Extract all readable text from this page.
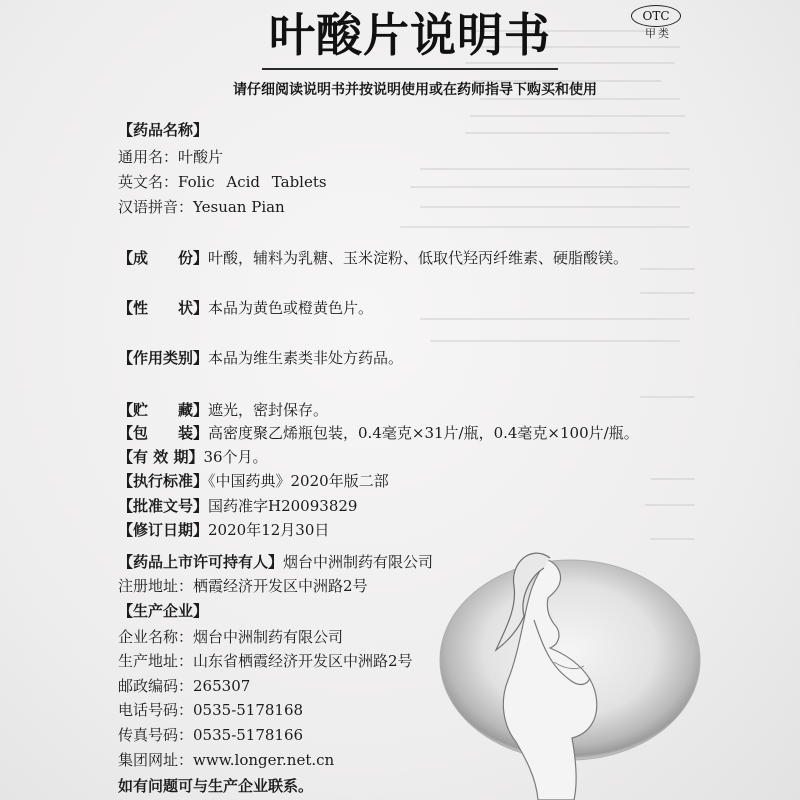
叶酸片说明书	OTC
甲类
请仔细阅读说明书并按说明使用或在药师指导下购买和使用
【药品名称】
通用名：叶酸片
英文名：Folic Acid Tablets
汉语拼音：Yesuan Pian
【成　　份】叶酸，辅料为乳糖、玉米淀粉、低取代羟丙纤维素、硬脂酸镁。
【性　　状】本品为黄色或橙黄色片。
【作用类别】本品为维生素类非处方药品。
【贮　　藏】遮光，密封保存。
【包　　装】高密度聚乙烯瓶包装，0.4毫克×31片/瓶，0.4毫克×100片/瓶。
【有 效 期】36个月。
【执行标准】《中国药典》2020年版二部
【批准文号】国药准字H20093829
【修订日期】2020年12月30日
【药品上市许可持有人】烟台中洲制药有限公司
注册地址：栖霞经济开发区中洲路2号
【生产企业】
企业名称：烟台中洲制药有限公司
生产地址：山东省栖霞经济开发区中洲路2号
邮政编码：265307
电话号码：0535-5178168
传真号码：0535-5178166
集团网址：www.longer.net.cn
如有问题可与生产企业联系。
